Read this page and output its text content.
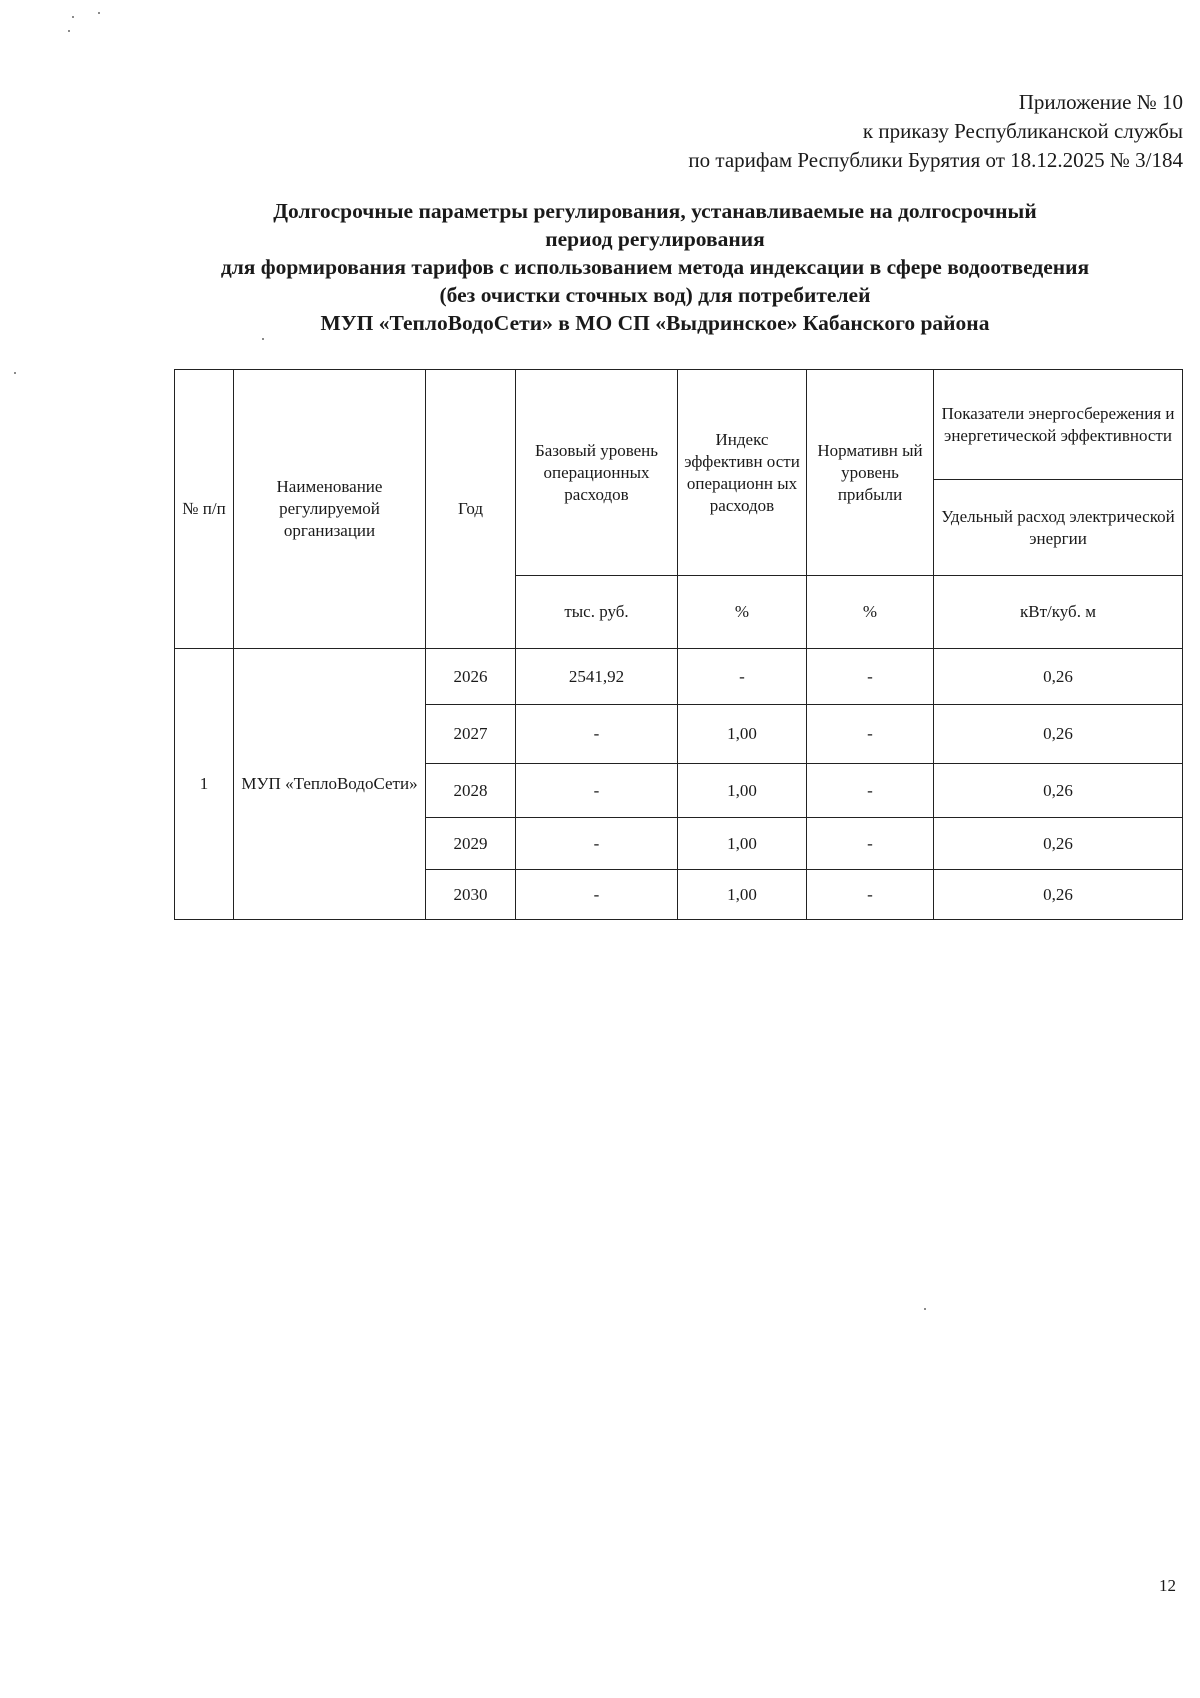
Приложение № 10
к приказу Республиканской службы
по тарифам Республики Бурятия от 18.12.2025 № 3/184
Долгосрочные параметры регулирования, устанавливаемые на долгосрочный
период регулирования
для формирования тарифов с использованием метода индексации в сфере водоотведения
(без очистки сточных вод) для потребителей
МУП «ТеплоВодоСети» в МО СП «Выдринское» Кабанского района
№ п/п	Наименование регулируемой организации	Год	Базовый уровень операционных расходов	Индекс эффективн ости операционн ых расходов	Нормативн ый уровень прибыли	Показатели энергосбережения и энергетической эффективности
						Удельный расход электрической энергии
			тыс. руб.	%	%	кВт/куб. м
1	МУП «ТеплоВодоСети»	2026	2541,92	-	-	0,26
		2027	-	1,00	-	0,26
		2028	-	1,00	-	0,26
		2029	-	1,00	-	0,26
		2030	-	1,00	-	0,26
12
